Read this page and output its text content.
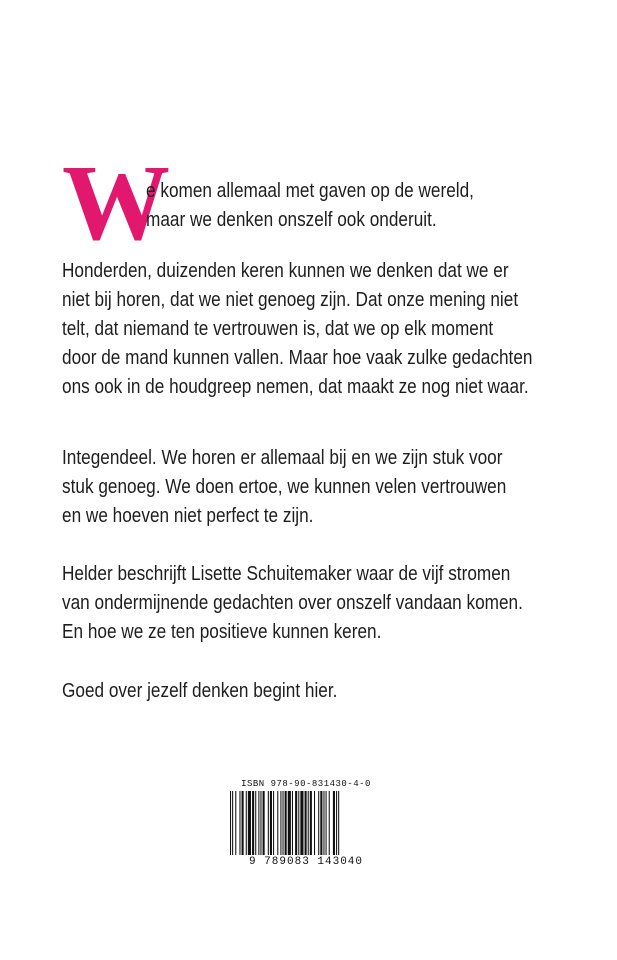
W
e komen allemaal met gaven op de wereld,
maar we denken onszelf ook onderuit.
Honderden, duizenden keren kunnen we denken dat we er
niet bij horen, dat we niet genoeg zijn. Dat onze mening niet
telt, dat niemand te vertrouwen is, dat we op elk moment
door de mand kunnen vallen. Maar hoe vaak zulke gedachten
ons ook in de houdgreep nemen, dat maakt ze nog niet waar.
Integendeel. We horen er allemaal bij en we zijn stuk voor
stuk genoeg. We doen ertoe, we kunnen velen vertrouwen
en we hoeven niet perfect te zijn.
Helder beschrijft Lisette Schuitemaker waar de vijf stromen
van ondermijnende gedachten over onszelf vandaan komen.
En hoe we ze ten positieve kunnen keren.
Goed over jezelf denken begint hier.
ISBN 978-90-831430-4-0
9 789083 143040
